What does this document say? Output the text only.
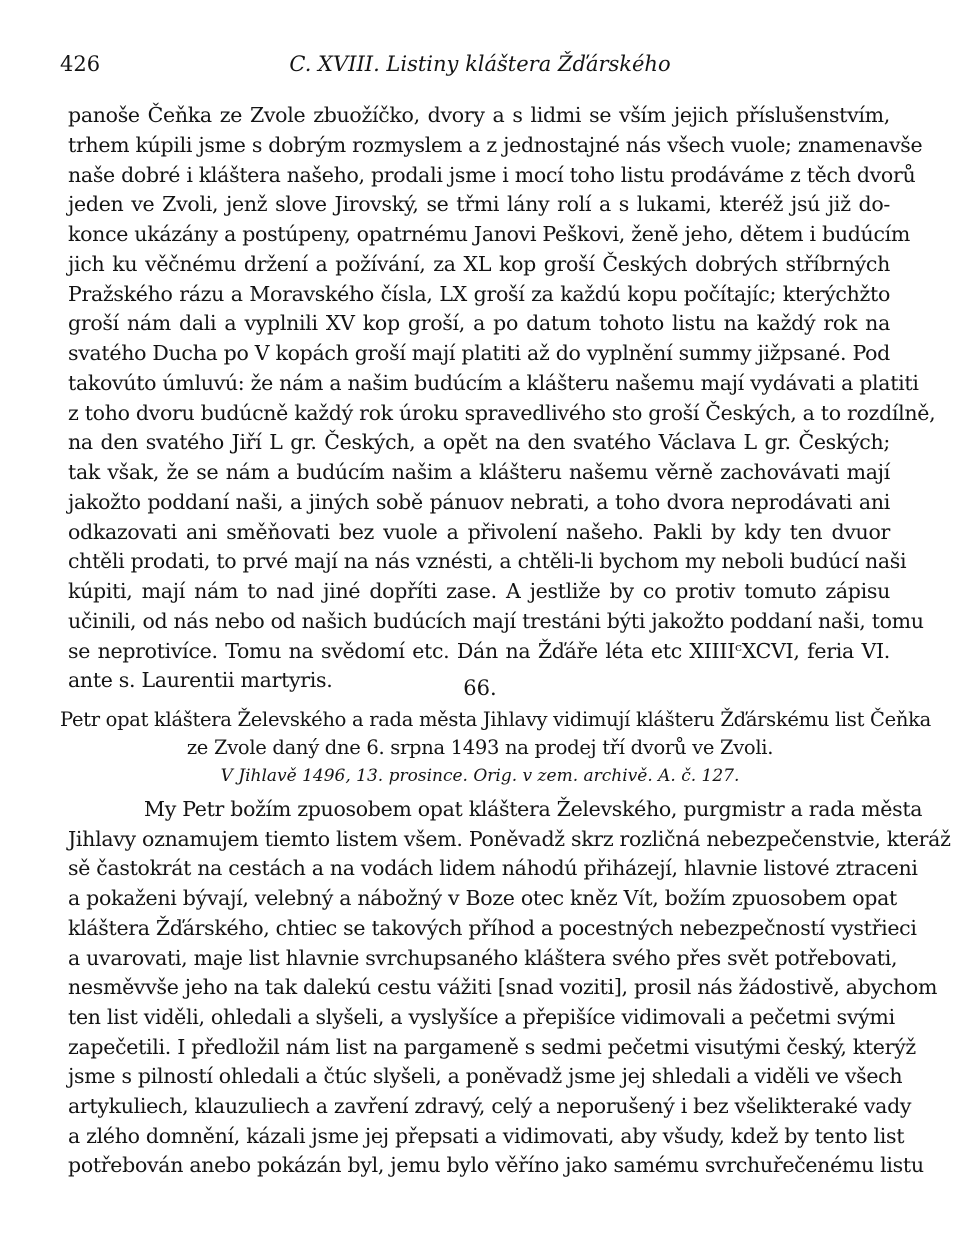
426	C. XVIII. Listiny kláštera Žďárského
panoše Čeňka ze Zvole zbuožíčko, dvory a s lidmi se vším jejich příslušenstvím,
trhem kúpili jsme s dobrým rozmyslem a z jednostajné nás všech vuole; znamenavše
naše dobré i kláštera našeho, prodali jsme i mocí toho listu prodáváme z těch dvorů
jeden ve Zvoli, jenž slove Jirovský, se třmi lány rolí a s lukami, kteréž jsú již do-
konce ukázány a postúpeny, opatrnému Janovi Peškovi, ženě jeho, dětem i budúcím
jich ku věčnému držení a požívání, za XL kop groší Českých dobrých stříbrných
Pražského rázu a Moravského čísla, LX groší za každú kopu počítajíc; kterýchžto
groší nám dali a vyplnili XV kop groší, a po datum tohoto listu na každý rok na
svatého Ducha po V kopách groší mají platiti až do vyplnění summy jižpsané. Pod
takovúto úmluvú: že nám a našim budúcím a klášteru našemu mají vydávati a platiti
z toho dvoru budúcně každý rok úroku spravedlivého sto groší Českých, a to rozdílně,
na den svatého Jiří L gr. Českých, a opět na den svatého Václava L gr. Českých;
tak však, že se nám a budúcím našim a klášteru našemu věrně zachovávati mají
jakožto poddaní naši, a jiných sobě pánuov nebrati, a toho dvora neprodávati ani
odkazovati ani směňovati bez vuole a přivolení našeho. Pakli by kdy ten dvuor
chtěli prodati, to prvé mají na nás vznésti, a chtěli-li bychom my neboli budúcí naši
kúpiti, mají nám to nad jiné dopříti zase. A jestliže by co protiv tomuto zápisu
učinili, od nás nebo od našich budúcích mají trestáni býti jakožto poddaní naši, tomu
se neprotivíce. Tomu na svědomí etc. Dán na Žďáře léta etc XIIIIᶜXCVI, feria VI.
ante s. Laurentii martyris.	66.
Petr opat kláštera Želevského a rada města Jihlavy vidimují klášteru Žďárskému list Čeňka
ze Zvole daný dne 6. srpna 1493 na prodej tří dvorů ve Zvoli.
V Jihlavě 1496, 13. prosince. Orig. v zem. archivě. A. č. 127.
My Petr božím zpuosobem opat kláštera Želevského, purgmistr a rada města
Jihlavy oznamujem tiemto listem všem. Poněvadž skrz rozličná nebezpečenstvie, kteráž
sě častokrát na cestách a na vodách lidem náhodú přiházejí, hlavnie listové ztraceni
a pokaženi bývají, velebný a nábožný v Boze otec kněz Vít, božím zpuosobem opat
kláštera Žďárského, chtiec se takových příhod a pocestných nebezpečností vystřieci
a uvarovati, maje list hlavnie svrchupsaného kláštera svého přes svět potřebovati,
nesměvvše jeho na tak dalekú cestu vážiti [snad voziti], prosil nás žádostivě, abychom
ten list viděli, ohledali a slyšeli, a vyslyšíce a přepišíce vidimovali a pečetmi svými
zapečetili. I předložil nám list na pargameně s sedmi pečetmi visutými český, kterýž
jsme s pilností ohledali a čtúc slyšeli, a poněvadž jsme jej shledali a viděli ve všech
artykuliech, klauzuliech a zavření zdravý, celý a neporušený i bez všelikteraké vady
a zlého domnění, kázali jsme jej přepsati a vidimovati, aby všudy, kdež by tento list
potřebován anebo pokázán byl, jemu bylo věříno jako samému svrchuřečenému listu
